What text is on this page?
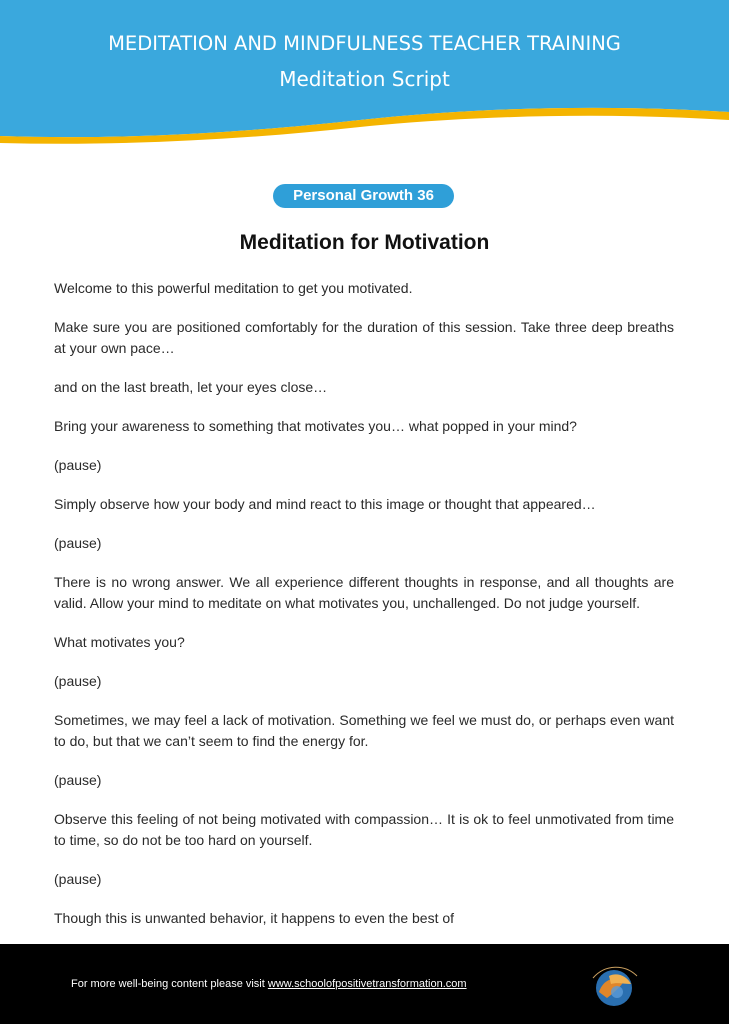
MEDITATION AND MINDFULNESS TEACHER TRAINING
Meditation Script
Personal Growth 36
Meditation for Motivation

Welcome to this powerful meditation to get you motivated.

Make sure you are positioned comfortably for the duration of this session. Take three deep breaths at your own pace…

and on the last breath, let your eyes close…

Bring your awareness to something that motivates you… what popped in your mind?

(pause)

Simply observe how your body and mind react to this image or thought that appeared…

(pause)

There is no wrong answer. We all experience different thoughts in response, and all thoughts are valid. Allow your mind to meditate on what motivates you, unchallenged. Do not judge yourself.

What motivates you?

(pause)

Sometimes, we may feel a lack of motivation. Something we feel we must do, or perhaps even want to do, but that we can’t seem to find the energy for.

(pause)

Observe this feeling of not being motivated with compassion… It is ok to feel unmotivated from time to time, so do not be too hard on yourself.

(pause)

Though this is unwanted behavior, it happens to even the best of

For more well-being content please visit www.schoolofpositivetransformation.com
